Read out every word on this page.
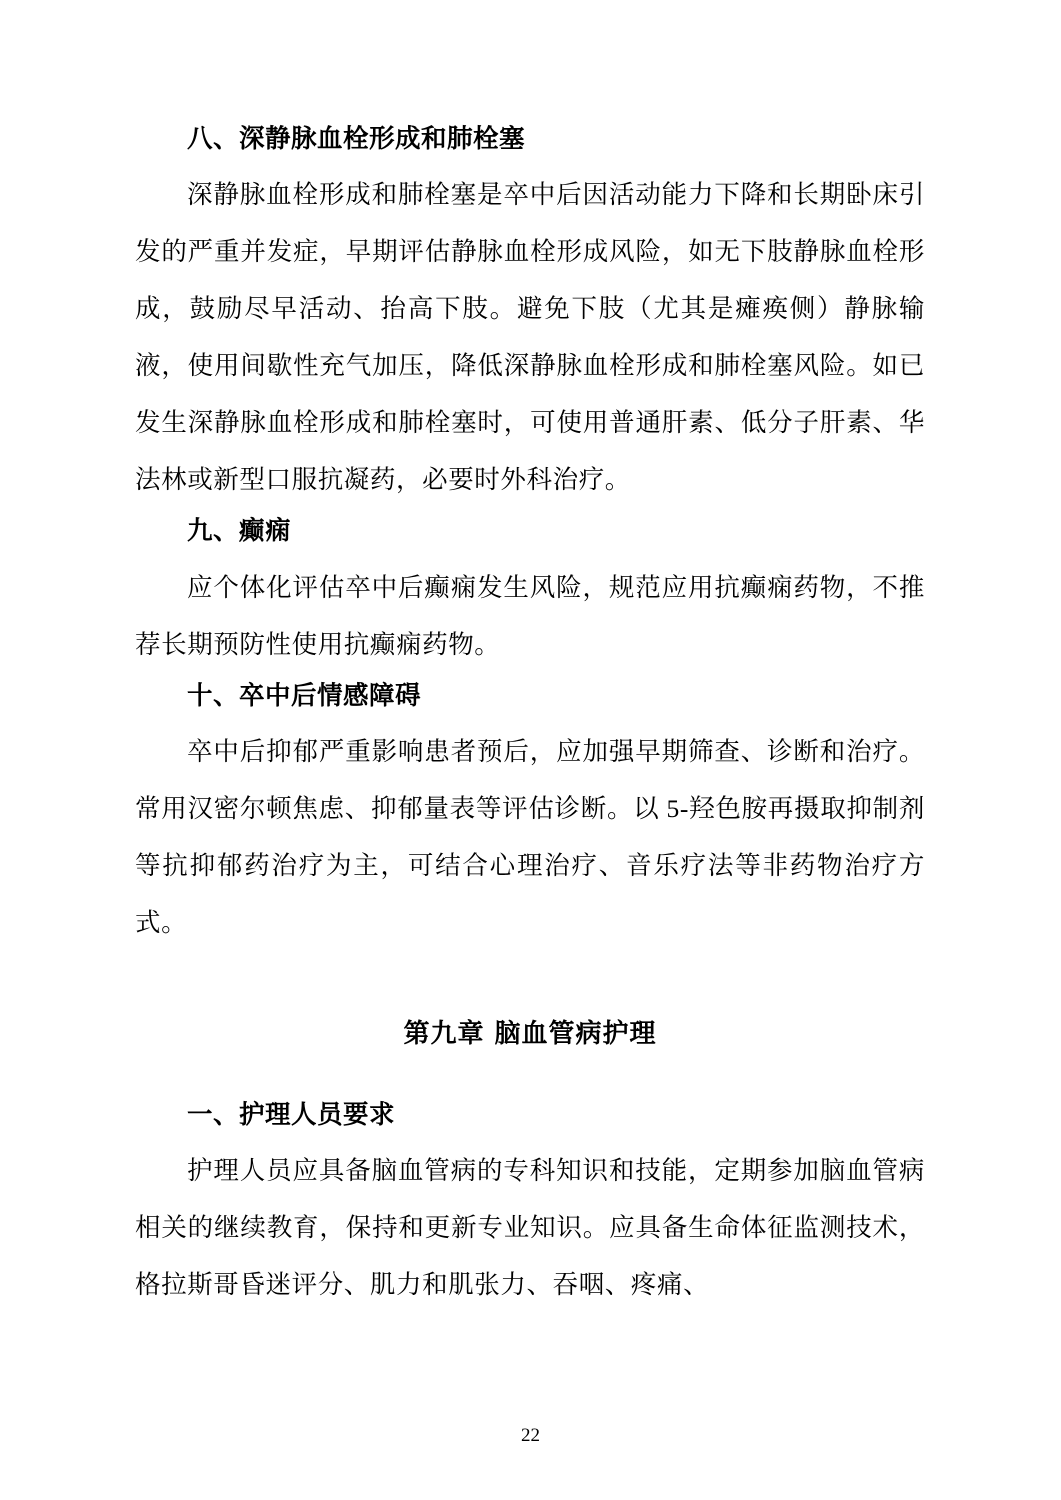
八、深静脉血栓形成和肺栓塞

深静脉血栓形成和肺栓塞是卒中后因活动能力下降和长期卧床引发的严重并发症，早期评估静脉血栓形成风险，如无下肢静脉血栓形成，鼓励尽早活动、抬高下肢。避免下肢（尤其是瘫痪侧）静脉输液，使用间歇性充气加压，降低深静脉血栓形成和肺栓塞风险。如已发生深静脉血栓形成和肺栓塞时，可使用普通肝素、低分子肝素、华法林或新型口服抗凝药，必要时外科治疗。

九、癫痫

应个体化评估卒中后癫痫发生风险，规范应用抗癫痫药物，不推荐长期预防性使用抗癫痫药物。

十、卒中后情感障碍

卒中后抑郁严重影响患者预后，应加强早期筛查、诊断和治疗。常用汉密尔顿焦虑、抑郁量表等评估诊断。以 5-羟色胺再摄取抑制剂等抗抑郁药治疗为主，可结合心理治疗、音乐疗法等非药物治疗方式。

第九章 脑血管病护理
一、护理人员要求

护理人员应具备脑血管病的专科知识和技能，定期参加脑血管病相关的继续教育，保持和更新专业知识。应具备生命体征监测技术，格拉斯哥昏迷评分、肌力和肌张力、吞咽、疼痛、

22
